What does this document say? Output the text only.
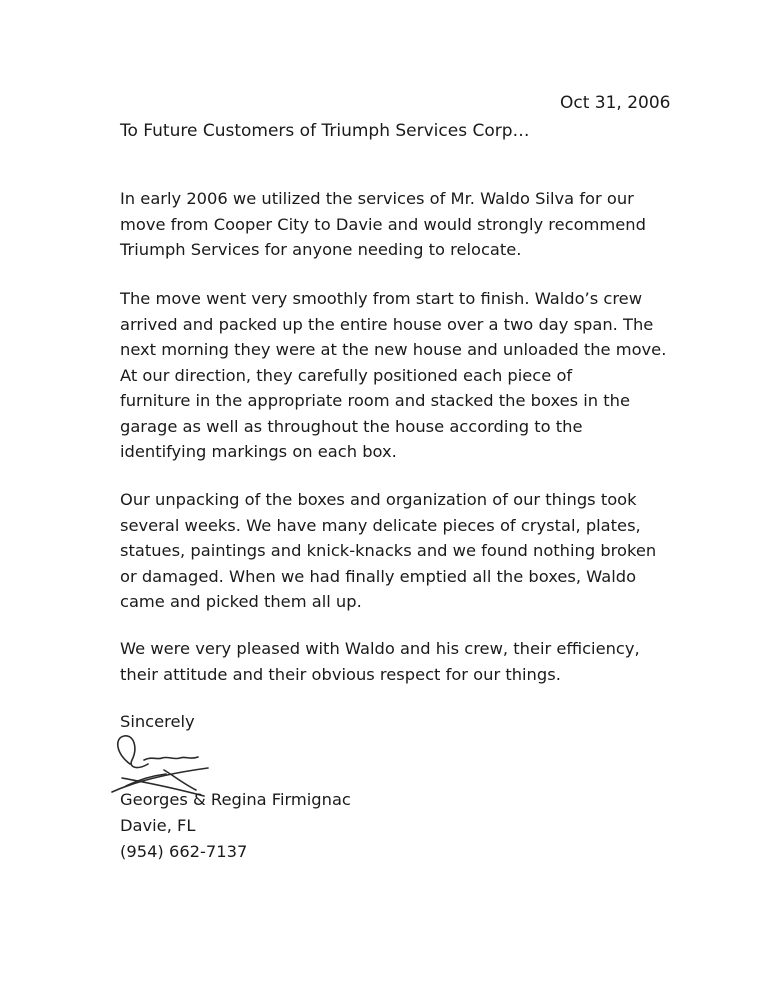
Oct 31, 2006
To Future Customers of Triumph Services Corp…
In early 2006 we utilized the services of Mr. Waldo Silva for our
move from Cooper City to Davie and would strongly recommend
Triumph Services for anyone needing to relocate.
The move went very smoothly from start to finish. Waldo’s crew
arrived and packed up the entire house over a two day span. The
next morning they were at the new house and unloaded the move.
At our direction, they carefully positioned each piece of
furniture in the appropriate room and stacked the boxes in the
garage as well as throughout the house according to the
identifying markings on each box.
Our unpacking of the boxes and organization of our things took
several weeks. We have many delicate pieces of crystal, plates,
statues, paintings and knick-knacks and we found nothing broken
or damaged. When we had finally emptied all the boxes, Waldo
came and picked them all up.
We were very pleased with Waldo and his crew, their efficiency,
their attitude and their obvious respect for our things.
Sincerely
Georges & Regina Firmignac
Davie, FL
(954) 662-7137
